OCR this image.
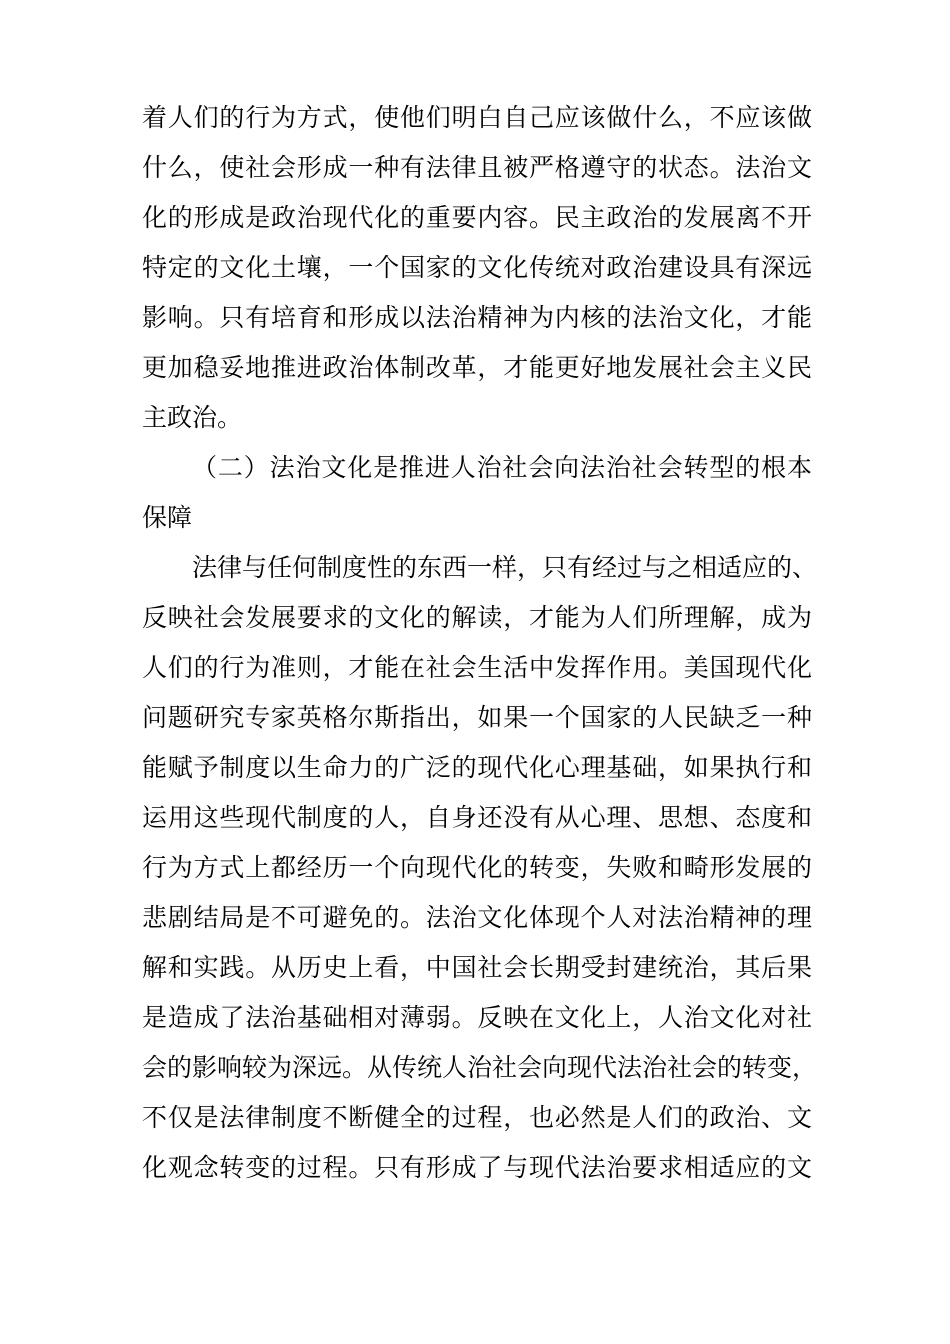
着人们的行为方式，使他们明白自己应该做什么，不应该做
什么，使社会形成一种有法律且被严格遵守的状态。法治文
化的形成是政治现代化的重要内容。民主政治的发展离不开
特定的文化土壤，一个国家的文化传统对政治建设具有深远
影响。只有培育和形成以法治精神为内核的法治文化，才能
更加稳妥地推进政治体制改革，才能更好地发展社会主义民
主政治。
（二）法治文化是推进人治社会向法治社会转型的根本
保障
法律与任何制度性的东西一样，只有经过与之相适应的、
反映社会发展要求的文化的解读，才能为人们所理解，成为
人们的行为准则，才能在社会生活中发挥作用。美国现代化
问题研究专家英格尔斯指出，如果一个国家的人民缺乏一种
能赋予制度以生命力的广泛的现代化心理基础，如果执行和
运用这些现代制度的人，自身还没有从心理、思想、态度和
行为方式上都经历一个向现代化的转变，失败和畸形发展的
悲剧结局是不可避免的。法治文化体现个人对法治精神的理
解和实践。从历史上看，中国社会长期受封建统治，其后果
是造成了法治基础相对薄弱。反映在文化上，人治文化对社
会的影响较为深远。从传统人治社会向现代法治社会的转变，
不仅是法律制度不断健全的过程，也必然是人们的政治、文
化观念转变的过程。只有形成了与现代法治要求相适应的文
